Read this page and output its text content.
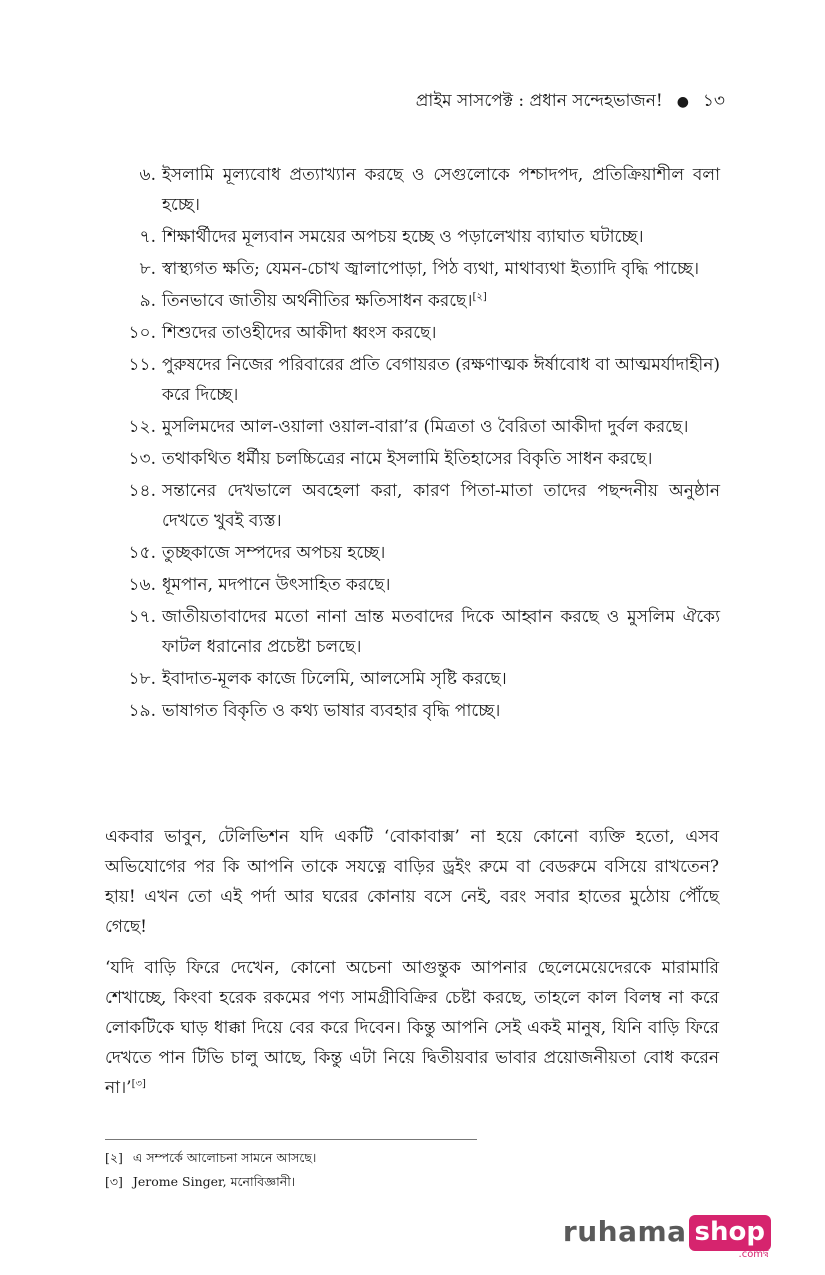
প্রাইম সাসপেক্ট : প্রধান সন্দেহভাজন! ● ১৩
৬. ইসলামি মূল্যবোধ প্রত্যাখ্যান করছে ও সেগুলোকে পশ্চাদপদ, প্রতিক্রিয়াশীল বলা হচ্ছে।
৭. শিক্ষার্থীদের মূল্যবান সময়ের অপচয় হচ্ছে ও পড়ালেখায় ব্যাঘাত ঘটাচ্ছে।
৮. স্বাস্থ্যগত ক্ষতি; যেমন-চোখ জ্বালাপোড়া, পিঠ ব্যথা, মাথাব্যথা ইত্যাদি বৃদ্ধি পাচ্ছে।
৯. তিনভাবে জাতীয় অর্থনীতির ক্ষতিসাধন করছে।[২]
১০. শিশুদের তাওহীদের আকীদা ধ্বংস করছে।
১১. পুরুষদের নিজের পরিবারের প্রতি বেগায়রত (রক্ষণাত্মক ঈর্ষাবোধ বা আত্মমর্যাদাহীন) করে দিচ্ছে।
১২. মুসলিমদের আল-ওয়ালা ওয়াল-বারা’র (মিত্রতা ও বৈরিতা আকীদা দুর্বল করছে।
১৩. তথাকথিত ধর্মীয় চলচ্চিত্রের নামে ইসলামি ইতিহাসের বিকৃতি সাধন করছে।
১৪. সন্তানের দেখভালে অবহেলা করা, কারণ পিতা-মাতা তাদের পছন্দনীয় অনুষ্ঠান দেখতে খুবই ব্যস্ত।
১৫. তুচ্ছকাজে সম্পদের অপচয় হচ্ছে।
১৬. ধূমপান, মদপানে উৎসাহিত করছে।
১৭. জাতীয়তাবাদের মতো নানা ভ্রান্ত মতবাদের দিকে আহ্বান করছে ও মুসলিম ঐক্যে ফাটল ধরানোর প্রচেষ্টা চলছে।
১৮. ইবাদাত-মূলক কাজে ঢিলেমি, আলসেমি সৃষ্টি করছে।
১৯. ভাষাগত বিকৃতি ও কথ্য ভাষার ব্যবহার বৃদ্ধি পাচ্ছে।

একবার ভাবুন, টেলিভিশন যদি একটি ‘বোকাবাক্স’ না হয়ে কোনো ব্যক্তি হতো, এসব অভিযোগের পর কি আপনি তাকে সযত্নে বাড়ির ড্রইং রুমে বা বেডরুমে বসিয়ে রাখতেন? হায়! এখন তো এই পর্দা আর ঘরের কোনায় বসে নেই, বরং সবার হাতের মুঠোয় পৌঁছে গেছে!

‘যদি বাড়ি ফিরে দেখেন, কোনো অচেনা আগুন্তুক আপনার ছেলেমেয়েদেরকে মারামারি শেখাচ্ছে, কিংবা হরেক রকমের পণ্য সামগ্রীবিক্রির চেষ্টা করছে, তাহলে কাল বিলম্ব না করে লোকটিকে ঘাড় ধাক্কা দিয়ে বের করে দিবেন। কিন্তু আপনি সেই একই মানুষ, যিনি বাড়ি ফিরে দেখতে পান টিভি চালু আছে, কিন্তু এটা নিয়ে দ্বিতীয়বার ভাবার প্রয়োজনীয়তা বোধ করেন না।’[৩]

[২] এ সম্পর্কে আলোচনা সামনে আসছে।
[৩] Jerome Singer, মনোবিজ্ঞানী।
ruhama shop
.comদ্ব
